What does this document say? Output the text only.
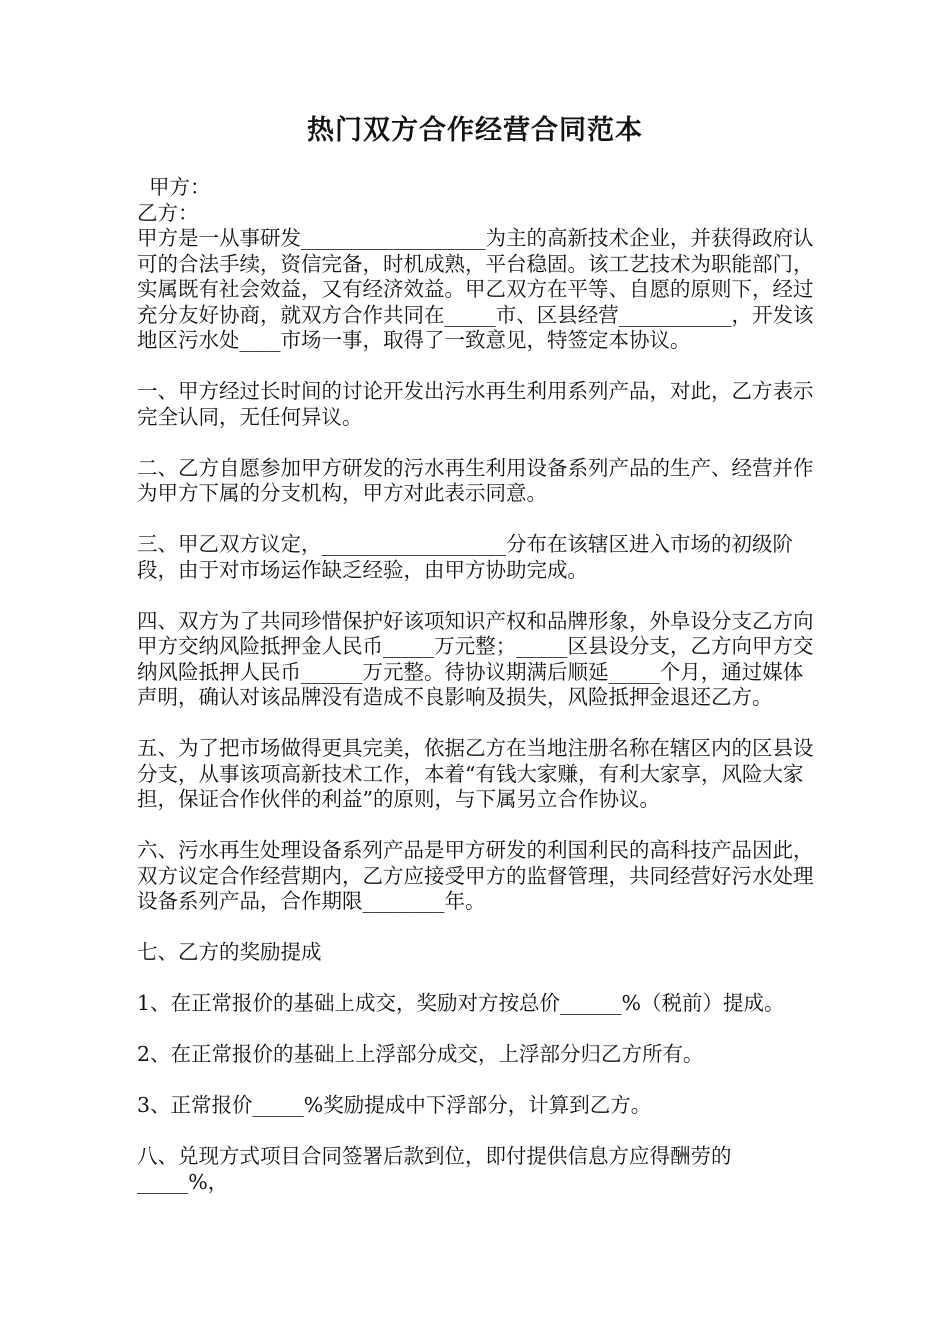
热门双方合作经营合同范本

甲方：

乙方：

甲方是一从事研发__________________为主的高新技术企业，并获得政府认可的合法手续，资信完备，时机成熟，平台稳固。该工艺技术为职能部门，实属既有社会效益，又有经济效益。甲乙双方在平等、自愿的原则下，经过充分友好协商，就双方合作共同在_____市、区县经营___________，开发该地区污水处____市场一事，取得了一致意见，特签定本协议。

一、甲方经过长时间的讨论开发出污水再生利用系列产品，对此，乙方表示完全认同，无任何异议。

二、乙方自愿参加甲方研发的污水再生利用设备系列产品的生产、经营并作为甲方下属的分支机构，甲方对此表示同意。

三、甲乙双方议定，__________________分布在该辖区进入市场的初级阶段，由于对市场运作缺乏经验，由甲方协助完成。

四、双方为了共同珍惜保护好该项知识产权和品牌形象，外阜设分支乙方向甲方交纳风险抵押金人民币_____万元整；_____区县设分支，乙方向甲方交纳风险抵押人民币______万元整。待协议期满后顺延_____个月，通过媒体声明，确认对该品牌没有造成不良影响及损失，风险抵押金退还乙方。

五、为了把市场做得更具完美，依据乙方在当地注册名称在辖区内的区县设分支，从事该项高新技术工作，本着“有钱大家赚，有利大家享，风险大家担，保证合作伙伴的利益”的原则，与下属另立合作协议。

六、污水再生处理设备系列产品是甲方研发的利国利民的高科技产品因此，双方议定合作经营期内，乙方应接受甲方的监督管理，共同经营好污水处理设备系列产品，合作期限________年。

七、乙方的奖励提成

1、在正常报价的基础上成交，奖励对方按总价______%（税前）提成。

2、在正常报价的基础上上浮部分成交，上浮部分归乙方所有。

3、正常报价_____%奖励提成中下浮部分，计算到乙方。

八、兑现方式项目合同签署后款到位，即付提供信息方应得酬劳的_____%，
